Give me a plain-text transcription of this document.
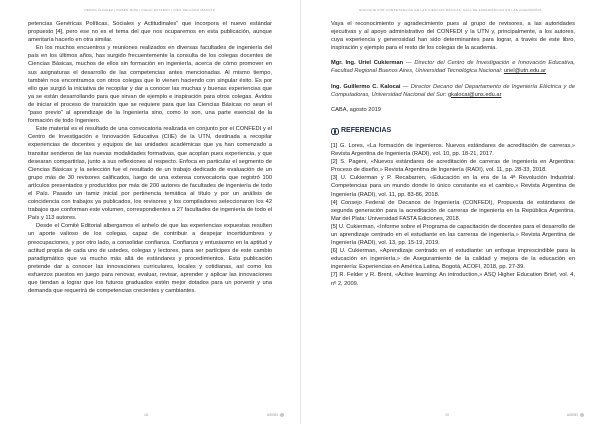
PEDRO ÁLVAREZ | RUBÉN MIRA | DIEGO ESTEBAN | INÉS DELGADO MAROTO

petencias Genéricas Políticas, Sociales y Actitudinales” que incorpora el nuevo estándar propuesto [4], pero ese no es el tema del que nos ocuparemos en esta publicación, aunque ameritaría hacerlo en otra similar.

En los muchos encuentros y reuniones realizados en diversas facultades de ingeniería del país en los últimos años, has surgido frecuentemente la consulta de los colegas docentes de Ciencias Básicas, muchos de ellos sin formación en ingeniería, acerca de cómo promover en sus asignaturas el desarrollo de las competencias antes mencionadas. Al mismo tiempo, también nos encontramos con otros colegas que lo vienen haciendo con singular éxito. Es por ello que surgió la iniciativa de recopilar y dar a conocer las muchas y buenas experiencias que ya se están desarrollando para que sirvan de ejemplo e inspiración para otros colegas. Ávidos de iniciar el proceso de transición que se requiere para que las Ciencias Básicas no sean el “paso previo” al aprendizaje de la Ingeniería sino, como lo son, una parte esencial de la formación de todo Ingeniero.

Este material es el resultado de una convocatoria realizada en conjunto por el CONFEDI y el Centro de Investigación e Innovación Educativa (CIIE) de la UTN, destinada a recopilar experiencias de docentes y equipos de las unidades académicas que ya han comenzado a transitar senderos de las nuevas modalidades formativas, que acoplan pues experiencia, y que desearan compartirlas, junto a sus reflexiones al respecto. Enfoca en particular el segmento de Ciencias Básicas y la selección fue el resultado de un trabajo dedicado de evaluación de un grupo más de 30 revisores calificados, luego de una extensa convocatoria que registró 100 artículos presentados y producidos por más de 200 autores de facultades de ingeniería de todo el País. Pasado un tamiz inicial por pertinencia temática al título y por un análisis de coincidencia con trabajos ya publicados, los revisores y los compiladores seleccionaron los 42 trabajos que conforman este volumen, correspondientes a 27 facultades de ingeniería de todo el País y 113 autores.

Desde el Comité Editorial albergamos el anhelo de que las experiencias expuestas resulten un aporte valioso de los colegas, capaz de contribuir a despejar incertidumbres y preocupaciones, y por otro lado, a consolidar confianza. Confianza y entusiasmo en la aptitud y actitud propia de cada uno de ustedes, colegas y lectores, para ser partícipes de este cambio paradigmático que va mucho más allá de estándares y procedimientos. Esta publicación pretende dar a conocer las innovaciones curriculares, locales y cotidianas, así como los esfuerzos puestos en juego para renovar, evaluar, revisar, aprender y aplicar las innovaciones que tiendan a lograr que los futuros graduados estén mejor dotados para un porvenir y una demanda que requerirá de competencias crecientes y cambiantes.

18	ASIBEI
ENFOQUE POR COMPETENCIAS EN LAS CIENCIAS BÁSICAS: GUÍA DE EXPERIENCIAS EN LAS INGENIERÍAS

Vaya el reconocimiento y agradecimiento pues al grupo de revisores, a las autoridades ejecutivas y al apoyo administrativo del CONFEDI y la UTN y, principalmente, a los autores, cuya experiencia y generosidad han sido determinantes para lograr, a través de este libro, inspiración y ejemplo para el resto de los colegas de la academia.

Mgr. Ing. Uriel Cukierman — Director del Centro de Investigación e Innovación Educativa, Facultad Regional Buenos Aires, Universidad Tecnológica Nacional: uriel@utn.edu.ar

Ing. Guillermo C. Kalocai — Director Decano del Departamento de Ingeniería Eléctrica y de Computadoras, Universidad Nacional del Sur: gkalocai@uns.edu.ar

CABA, agosto 2019

REFERENCIAS

[1] G. Lores, «La formación de ingenieros. Nuevos estándares de acreditación de carreras,» Revista Argentina de Ingeniería (RADI), vol. 10, pp. 18-21, 2017.

[2] S. Pageni, «Nuevos estándares de acreditación de carreras de ingeniería en Argentina: Proceso de diseño,» Revista Argentina de Ingeniería (RADI), vol. 11, pp. 28-33, 2018.

[3] U. Cukierman y P. Recabarren, «Educación en la era de la 4ª Revolución Industrial: Competencias para un mundo donde lo único constante es el cambio,» Revista Argentina de Ingeniería (RADI), vol. 11, pp. 83-86, 2018.

[4] Consejo Federal de Decanos de Ingeniería (CONFEDI), Propuesta de estándares de segunda generación para la acreditación de carreras de ingeniería en la República Argentina, Mar del Plata: Universidad FASTA Ediciones, 2018.

[5] U. Cukierman, «Informe sobre el Programa de capacitación de docentes para el desarrollo de un aprendizaje centrado en el estudiante en las carreras de ingeniería,» Revista Argentina de Ingeniería (RADI), vol. 13, pp. 15-19, 2019.

[6] U. Cukierman, «Aprendizaje centrado en el estudiante: un enfoque imprescindible para la educación en ingeniería,» de Aseguramiento de la calidad y mejora de la educación en ingeniería: Experiencias en América Latina, Bogotá, ACOFI, 2018, pp. 27-39.

[7] R. Felder y R. Brent, «Active learning: An introduction,» ASQ Higher Education Brief, vol. 4, nº 2, 2009.

19	ASIBEI
